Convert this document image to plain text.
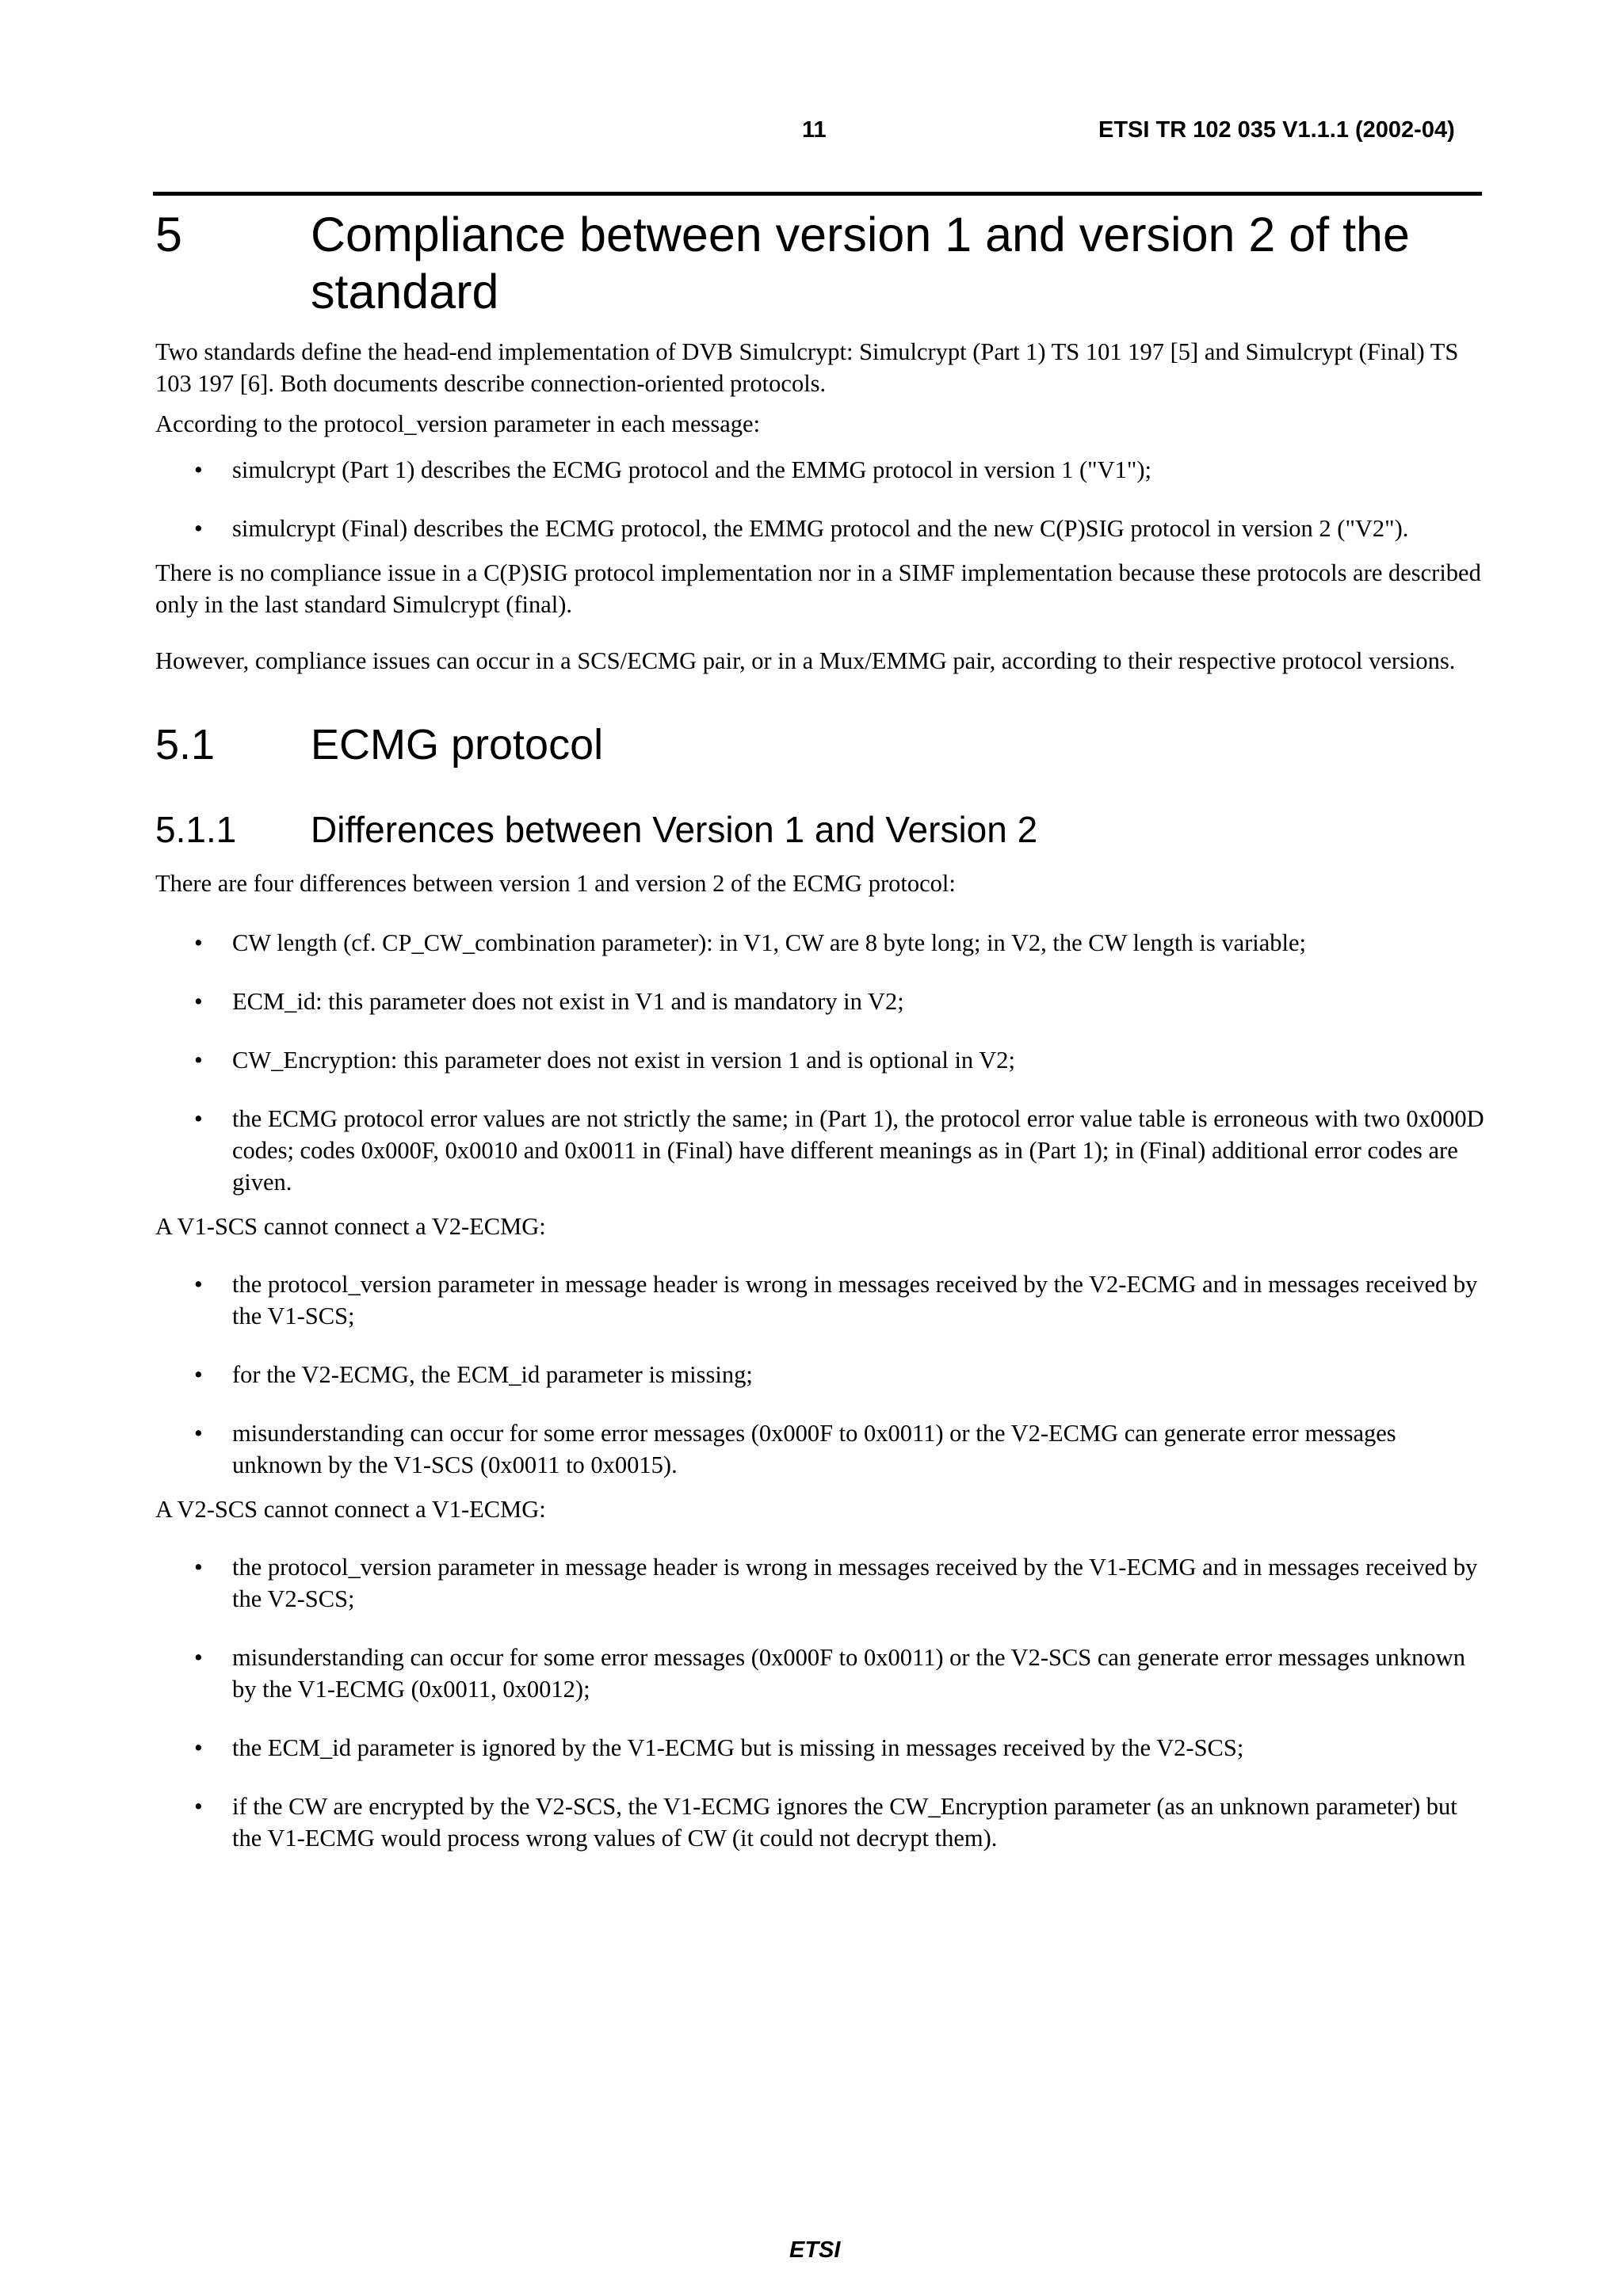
11	ETSI TR 102 035 V1.1.1 (2002-04)
5	Compliance between version 1 and version 2 of the standard

Two standards define the head-end implementation of DVB Simulcrypt: Simulcrypt (Part 1) TS 101 197 [5] and Simulcrypt (Final) TS 103 197 [6]. Both documents describe connection-oriented protocols.

According to the protocol_version parameter in each message:

•	simulcrypt (Part 1) describes the ECMG protocol and the EMMG protocol in version 1 ("V1");
•	simulcrypt (Final) describes the ECMG protocol, the EMMG protocol and the new C(P)SIG protocol in version 2 ("V2").

There is no compliance issue in a C(P)SIG protocol implementation nor in a SIMF implementation because these protocols are described only in the last standard Simulcrypt (final).

However, compliance issues can occur in a SCS/ECMG pair, or in a Mux/EMMG pair, according to their respective protocol versions.

5.1	ECMG protocol
5.1.1	Differences between Version 1 and Version 2

There are four differences between version 1 and version 2 of the ECMG protocol:

•	CW length (cf. CP_CW_combination parameter): in V1, CW are 8 byte long; in V2, the CW length is variable;
•	ECM_id: this parameter does not exist in V1 and is mandatory in V2;
•	CW_Encryption: this parameter does not exist in version 1 and is optional in V2;
•	the ECMG protocol error values are not strictly the same; in (Part 1), the protocol error value table is erroneous with two 0x000D codes; codes 0x000F, 0x0010 and 0x0011 in (Final) have different meanings as in (Part 1); in (Final) additional error codes are given.

A V1-SCS cannot connect a V2-ECMG:

•	the protocol_version parameter in message header is wrong in messages received by the V2-ECMG and in messages received by the V1-SCS;
•	for the V2-ECMG, the ECM_id parameter is missing;
•	misunderstanding can occur for some error messages (0x000F to 0x0011) or the V2-ECMG can generate error messages unknown by the V1-SCS (0x0011 to 0x0015).

A V2-SCS cannot connect a V1-ECMG:

•	the protocol_version parameter in message header is wrong in messages received by the V1-ECMG and in messages received by the V2-SCS;
•	misunderstanding can occur for some error messages (0x000F to 0x0011) or the V2-SCS can generate error messages unknown by the V1-ECMG (0x0011, 0x0012);
•	the ECM_id parameter is ignored by the V1-ECMG but is missing in messages received by the V2-SCS;
•	if the CW are encrypted by the V2-SCS, the V1-ECMG ignores the CW_Encryption parameter (as an unknown parameter) but the V1-ECMG would process wrong values of CW (it could not decrypt them).
ETSI
